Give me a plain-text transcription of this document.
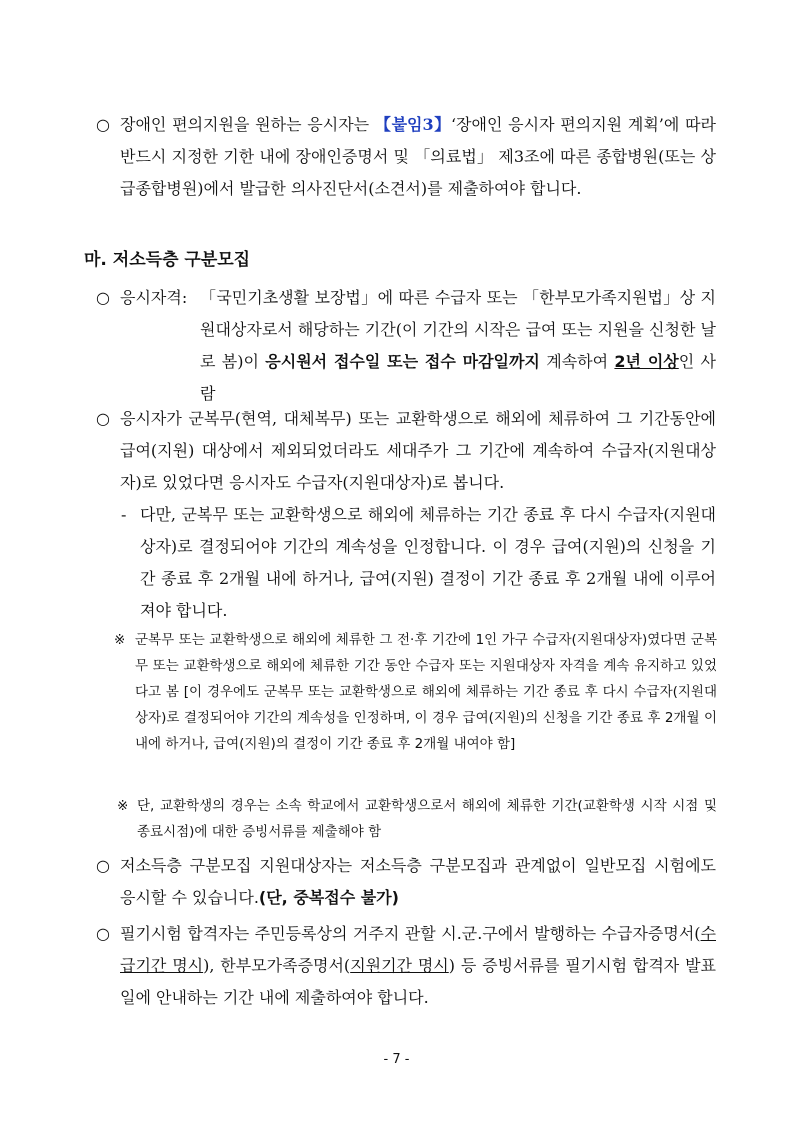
○ 장애인 편의지원을 원하는 응시자는 【붙임3】‘장애인 응시자 편의지원 계획’에 따라 반드시 지정한 기한 내에 장애인증명서 및 「의료법」 제3조에 따른 종합병원(또는 상급종합병원)에서 발급한 의사진단서(소견서)를 제출하여야 합니다.
마. 저소득층 구분모집
○ 응시자격: 「국민기초생활 보장법」에 따른 수급자 또는 「한부모가족지원법」상 지원대상자로서 해당하는 기간(이 기간의 시작은 급여 또는 지원을 신청한 날로 봄)이 응시원서 접수일 또는 접수 마감일까지 계속하여 2년 이상인 사람
○ 응시자가 군복무(현역, 대체복무) 또는 교환학생으로 해외에 체류하여 그 기간동안에 급여(지원) 대상에서 제외되었더라도 세대주가 그 기간에 계속하여 수급자(지원대상자)로 있었다면 응시자도 수급자(지원대상자)로 봅니다.
- 다만, 군복무 또는 교환학생으로 해외에 체류하는 기간 종료 후 다시 수급자(지원대상자)로 결정되어야 기간의 계속성을 인정합니다. 이 경우 급여(지원)의 신청을 기간 종료 후 2개월 내에 하거나, 급여(지원) 결정이 기간 종료 후 2개월 내에 이루어져야 합니다.
※ 군복무 또는 교환학생으로 해외에 체류한 그 전·후 기간에 1인 가구 수급자(지원대상자)였다면 군복무 또는 교환학생으로 해외에 체류한 기간 동안 수급자 또는 지원대상자 자격을 계속 유지하고 있었다고 봄 [이 경우에도 군복무 또는 교환학생으로 해외에 체류하는 기간 종료 후 다시 수급자(지원대상자)로 결정되어야 기간의 계속성을 인정하며, 이 경우 급여(지원)의 신청을 기간 종료 후 2개월 이내에 하거나, 급여(지원)의 결정이 기간 종료 후 2개월 내여야 함]
※ 단, 교환학생의 경우는 소속 학교에서 교환학생으로서 해외에 체류한 기간(교환학생 시작 시점 및 종료시점)에 대한 증빙서류를 제출해야 함
○ 저소득층 구분모집 지원대상자는 저소득층 구분모집과 관계없이 일반모집 시험에도 응시할 수 있습니다.(단, 중복접수 불가)
○ 필기시험 합격자는 주민등록상의 거주지 관할 시.군.구에서 발행하는 수급자증명서(수급기간 명시), 한부모가족증명서(지원기간 명시) 등 증빙서류를 필기시험 합격자 발표일에 안내하는 기간 내에 제출하여야 합니다.
- 7 -
